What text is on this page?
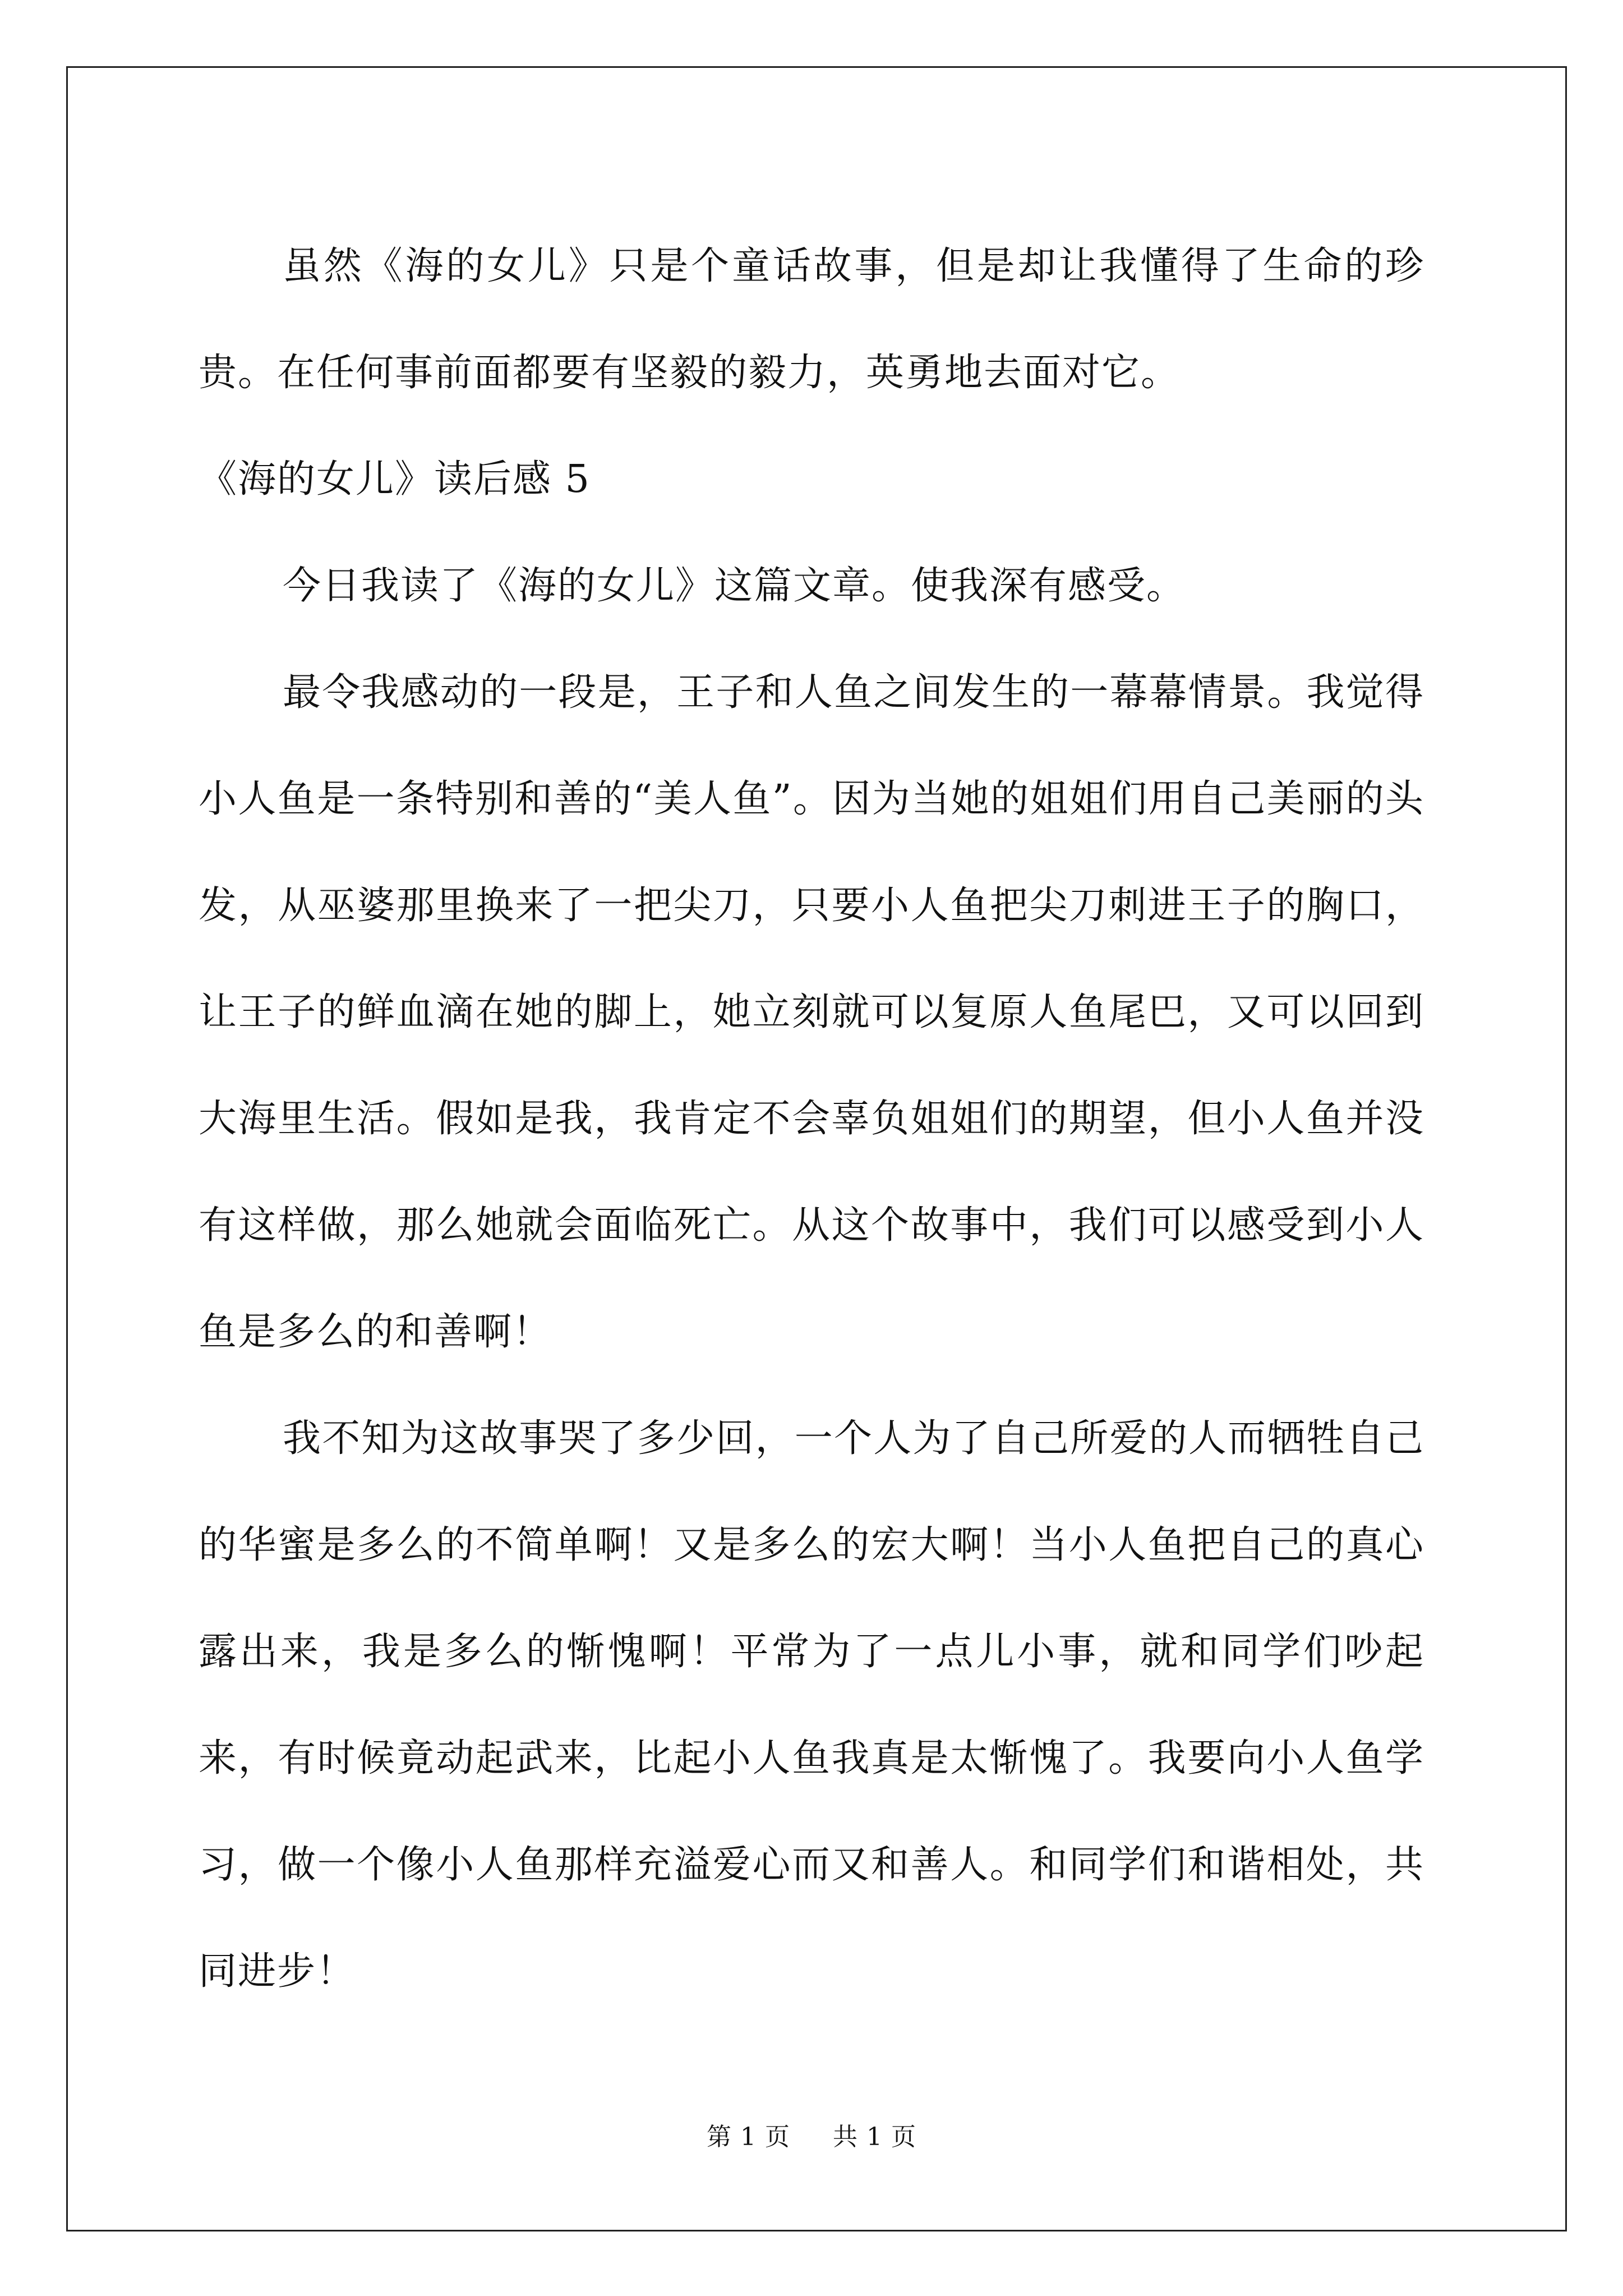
虽然《海的女儿》只是个童话故事，但是却让我懂得了生命的珍贵。在任何事前面都要有坚毅的毅力，英勇地去面对它。

《海的女儿》读后感 5

今日我读了《海的女儿》这篇文章。使我深有感受。

最令我感动的一段是，王子和人鱼之间发生的一幕幕情景。我觉得小人鱼是一条特别和善的“美人鱼”。因为当她的姐姐们用自己美丽的头发，从巫婆那里换来了一把尖刀，只要小人鱼把尖刀刺进王子的胸口，让王子的鲜血滴在她的脚上，她立刻就可以复原人鱼尾巴，又可以回到大海里生活。假如是我，我肯定不会辜负姐姐们的期望，但小人鱼并没有这样做，那么她就会面临死亡。从这个故事中，我们可以感受到小人鱼是多么的和善啊！

我不知为这故事哭了多少回，一个人为了自己所爱的人而牺牲自己的华蜜是多么的不简单啊！又是多么的宏大啊！当小人鱼把自己的真心露出来，我是多么的惭愧啊！平常为了一点儿小事，就和同学们吵起来，有时候竟动起武来，比起小人鱼我真是太惭愧了。我要向小人鱼学习，做一个像小人鱼那样充溢爱心而又和善人。和同学们和谐相处，共同进步！

第 1 页 共 1 页
